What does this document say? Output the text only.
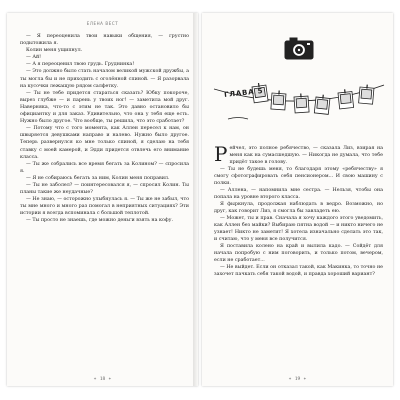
ЕЛЕНА ВЕСТ

— Я переоценила твои навыки общения, — грустно подытожила я.

Колин меня ущипнул.

— Ай!

— А я переоценил твою грудь. Груднинка!

— Это должно было стать началом великой мужской дружбы, а ты могла бы и не приходить с оголённой спиной. — Я разорвала на кусочки лежащую рядом салфетку.

— Ты не тебе придется стараться сказать? Юбку покороче, вырез глубже — и парень у твоих ног! — заметила мой друг. Наверняка, что-то с этим не так. Это давно остановило бы официантку и для заказ. Удивительно, что она у тебя еще есть. Нужно было другое. Что вообще, ты решила, что это сработает?

— Потому что с того момента, как Аллен пересел к нам, он швыряется девушками направо и налево. Нужно было другое. Теперь развернулся ко мне только спиной, я сделаю на тебя ставку с моей камерой, и Эдди придется отвлечь его внимание класса.

— Ты же собрались все время бегать за Колином? — спросила я.

— Я не собираюсь бегать за ним, Колин меня поправил.

— Ты не заболел? — поинтересовался я, — спросил Колин. Ты планы такие же неудачные?

— Не знаю, — осторожно улыбнулась я. — Ты же не забыл, что ты мне много и много раз помогал в неприятных ситуациях? Эти истории я всегда вспоминала с большой теплотой.

— Ты просто не знаешь, где можно деньги взять на кофу.

✦ 18 ✦
ГЛАВА 5

Рейчел, это полное ребячество, — сказала Лиз, взирая на меня как на сумасшедшую. — Никогда не думала, что тебе придёт такое в голову.

— Ты не будешь меня, то благодаря этому «ребячеству» я смогу сфотографировать себя пенсионером... И свою машину с полки.

— Аллена, — напомнила мне сестра. — Нельзя, чтобы она попала на уровне второго класса.

Я фыркнула, продолжая наблюдать в ведро. Возможно, но друг, как говорит Лиз, я смогла бы завладеть ею.

— Может, ты и прав. Сначала я хочу каждого этого уведомить, как Аллен без майки? Выбираю пятна водой — и никто ничего не узнает! Никто не заметит! Я хотела изначально сделать это так, и считаю, что у меня все получится.

Я поставила колено на край и вылила кадо. — Сойдёт для начала попробую с ним поговорить, и только потом, вечером, если не сработает...

— Не выйдет. Если он отказал такой, как Макинка, то точно не захочет пачкать себя такой водой, и правда хороший вариант?

✦ 19 ✦
